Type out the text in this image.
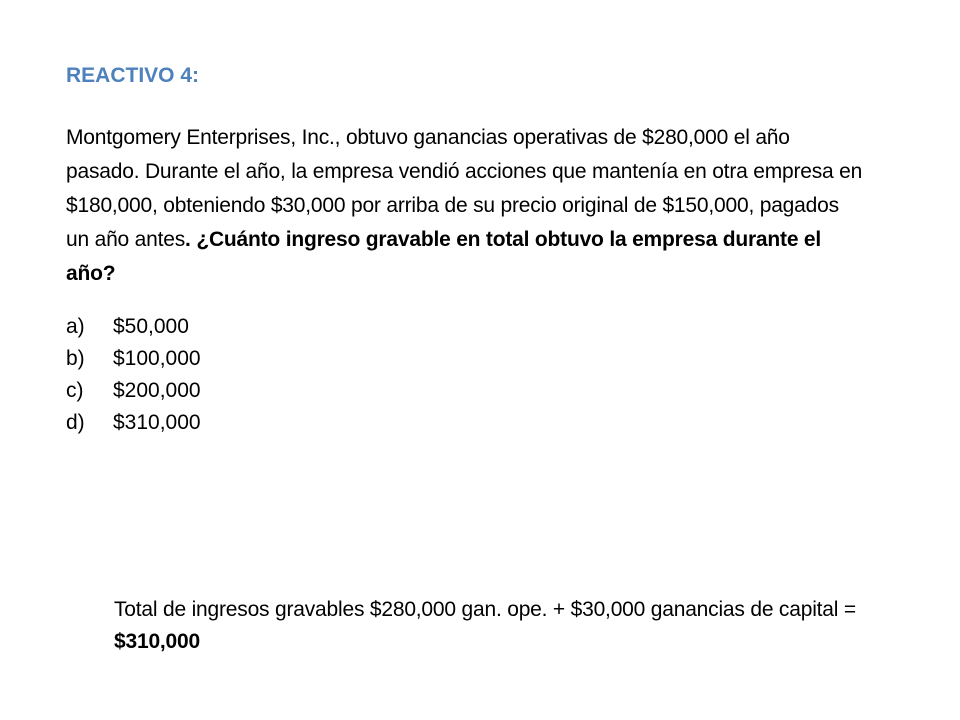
REACTIVO 4:

Montgomery Enterprises, Inc., obtuvo ganancias operativas de $280,000 el año pasado. Durante el año, la empresa vendió acciones que mantenía en otra empresa en $180,000, obteniendo $30,000 por arriba de su precio original de $150,000, pagados un año antes. ¿Cuánto ingreso gravable en total obtuvo la empresa durante el año?

a)	$50,000
b)	$100,000
c)	$200,000
d)	$310,000

Total de ingresos gravables $280,000 gan. ope. + $30,000 ganancias de capital = $310,000
